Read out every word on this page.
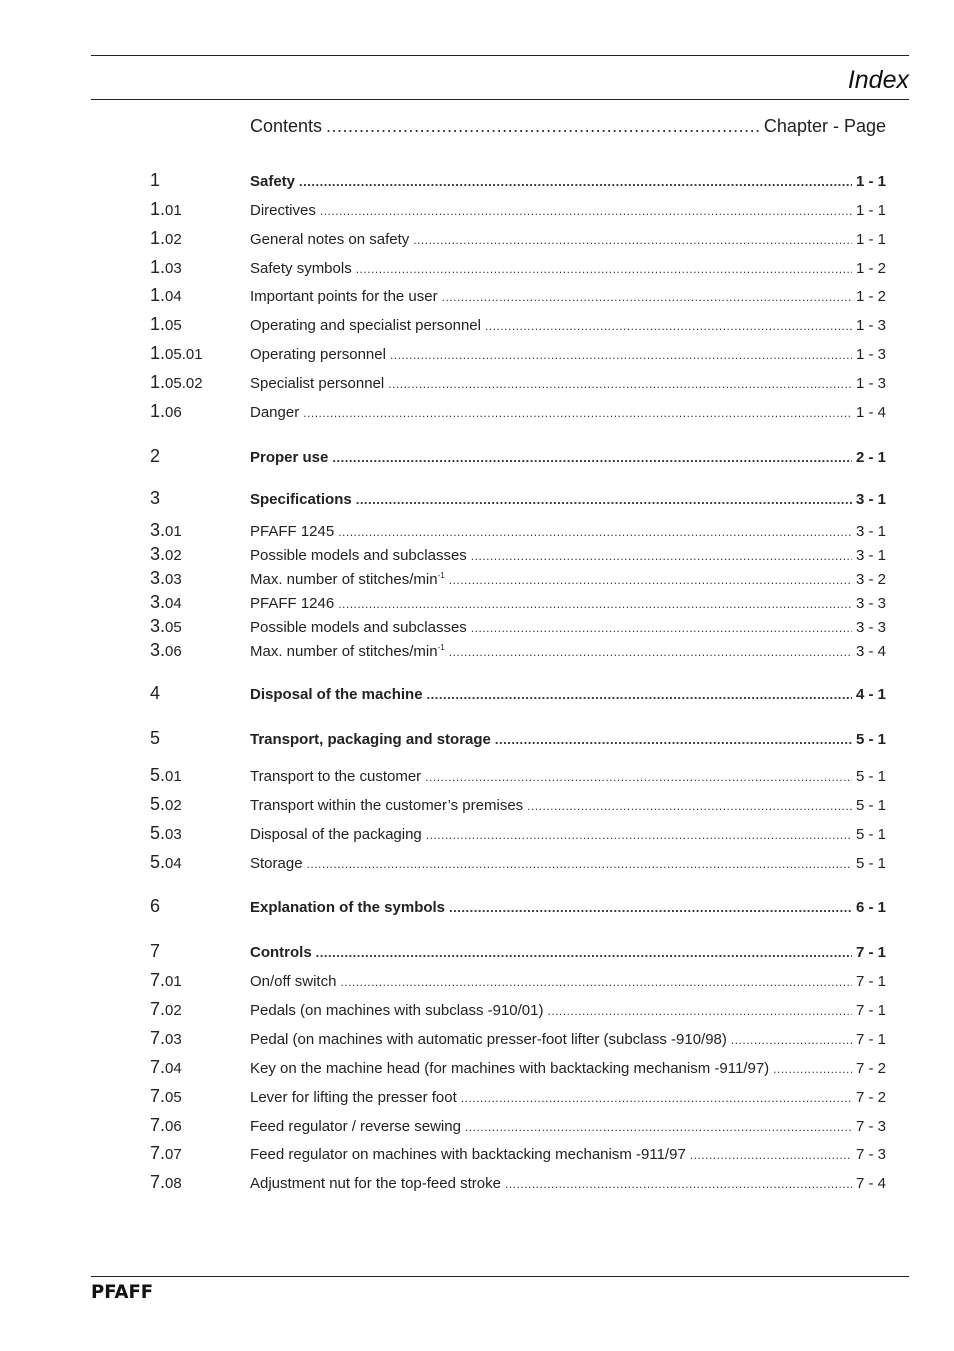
Index
Contents .....	Chapter - Page
1	Safety .....	1 - 1
1.01	Directives .....	1 - 1
1.02	General notes on safety .....	1 - 1
1.03	Safety symbols .....	1 - 2
1.04	Important points for the user .....	1 - 2
1.05	Operating and specialist personnel .....	1 - 3
1.05.01	Operating personnel .....	1 - 3
1.05.02	Specialist personnel .....	1 - 3
1.06	Danger .....	1 - 4
2	Proper use .....	2 - 1
3	Specifications .....	3 - 1
3.01	PFAFF 1245 .....	3 - 1
3.02	Possible models and subclasses .....	3 - 1
3.03	Max. number of stitches/$\min^{-1}$ .....	3 - 2
3.04	PFAFF 1246 .....	3 - 3
3.05	Possible models and subclasses .....	3 - 3
3.06	Max. number of stitches/$\min^{-1}$ .....	3 - 4
4	Disposal of the machine .....	4 - 1
5	Transport, packaging and storage .....	5 - 1
5.01	Transport to the customer .....	5 - 1
5.02	Transport within the customer’s premises .....	5 - 1
5.03	Disposal of the packaging .....	5 - 1
5.04	Storage .....	5 - 1
6	Explanation of the symbols .....	6 - 1
7	Controls .....	7 - 1
7.01	On/off switch .....	7 - 1
7.02	Pedals (on machines with subclass -910/01) .....	7 - 1
7.03	Pedal (on machines with automatic presser-foot lifter (subclass -910/98) .....	7 - 1
7.04	Key on the machine head (for machines with backtacking mechanism -911/97) .....	7 - 2
7.05	Lever for lifting the presser foot .....	7 - 2
7.06	Feed regulator / reverse sewing .....	7 - 3
7.07	Feed regulator on machines with backtacking mechanism -911/97 .....	7 - 3
7.08	Adjustment nut for the top-feed stroke .....	7 - 4
PFAFF
